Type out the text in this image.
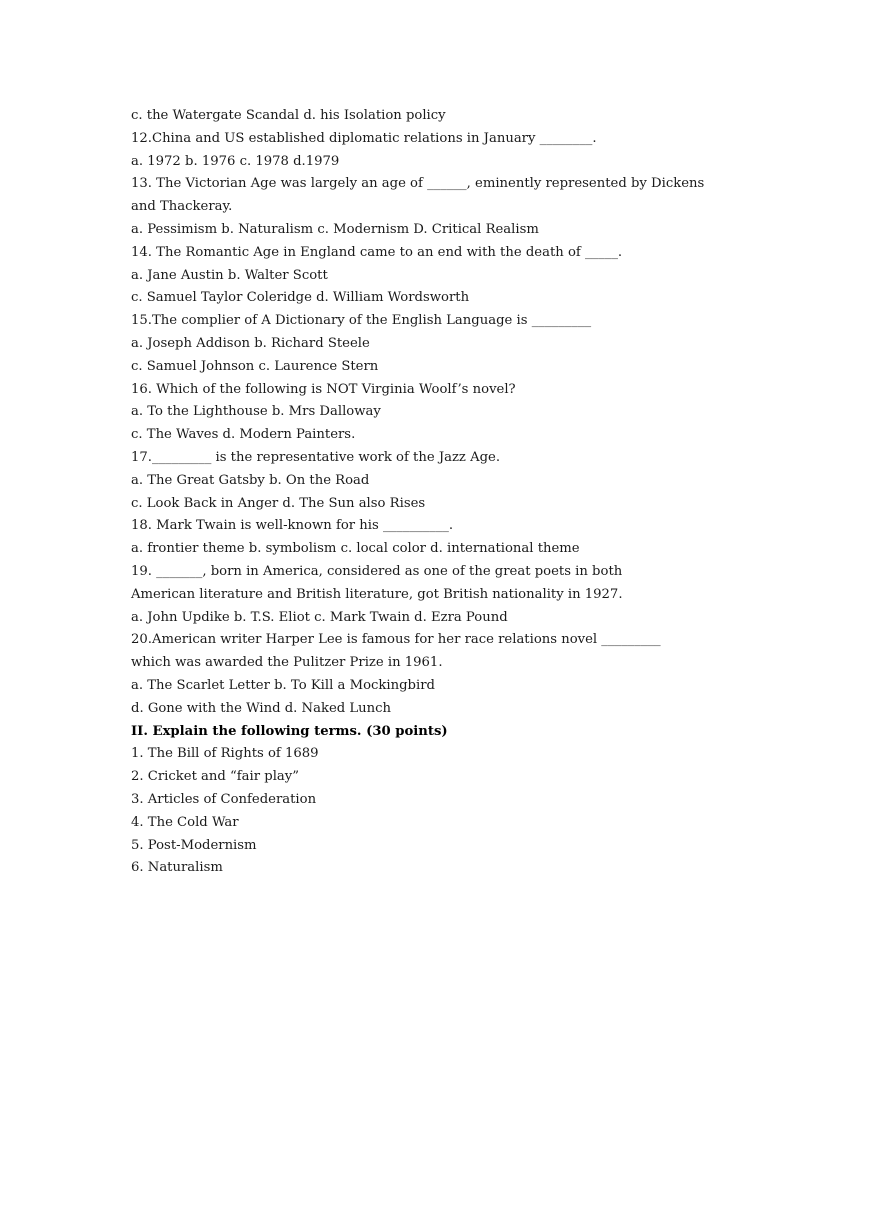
c. the Watergate Scandal d. his Isolation policy
12.China and US established diplomatic relations in January ________.
a. 1972 b. 1976 c. 1978 d.1979
13. The Victorian Age was largely an age of ______, eminently represented by Dickens
and Thackeray.
a. Pessimism b. Naturalism c. Modernism D. Critical Realism
14. The Romantic Age in England came to an end with the death of _____.
a. Jane Austin b. Walter Scott
c. Samuel Taylor Coleridge d. William Wordsworth
15.The complier of A Dictionary of the English Language is _________
a. Joseph Addison b. Richard Steele
c. Samuel Johnson c. Laurence Stern
16. Which of the following is NOT Virginia Woolf’s novel?
a. To the Lighthouse b. Mrs Dalloway
c. The Waves d. Modern Painters.
17._________ is the representative work of the Jazz Age.
a. The Great Gatsby b. On the Road
c. Look Back in Anger d. The Sun also Rises
18. Mark Twain is well-known for his __________.
a. frontier theme b. symbolism c. local color d. international theme
19. _______, born in America, considered as one of the great poets in both
American literature and British literature, got British nationality in 1927.
a. John Updike b. T.S. Eliot c. Mark Twain d. Ezra Pound
20.American writer Harper Lee is famous for her race relations novel _________
which was awarded the Pulitzer Prize in 1961.
a. The Scarlet Letter b. To Kill a Mockingbird
d. Gone with the Wind d. Naked Lunch
II. Explain the following terms. (30 points)
1. The Bill of Rights of 1689
2. Cricket and “fair play”
3. Articles of Confederation
4. The Cold War
5. Post-Modernism
6. Naturalism
